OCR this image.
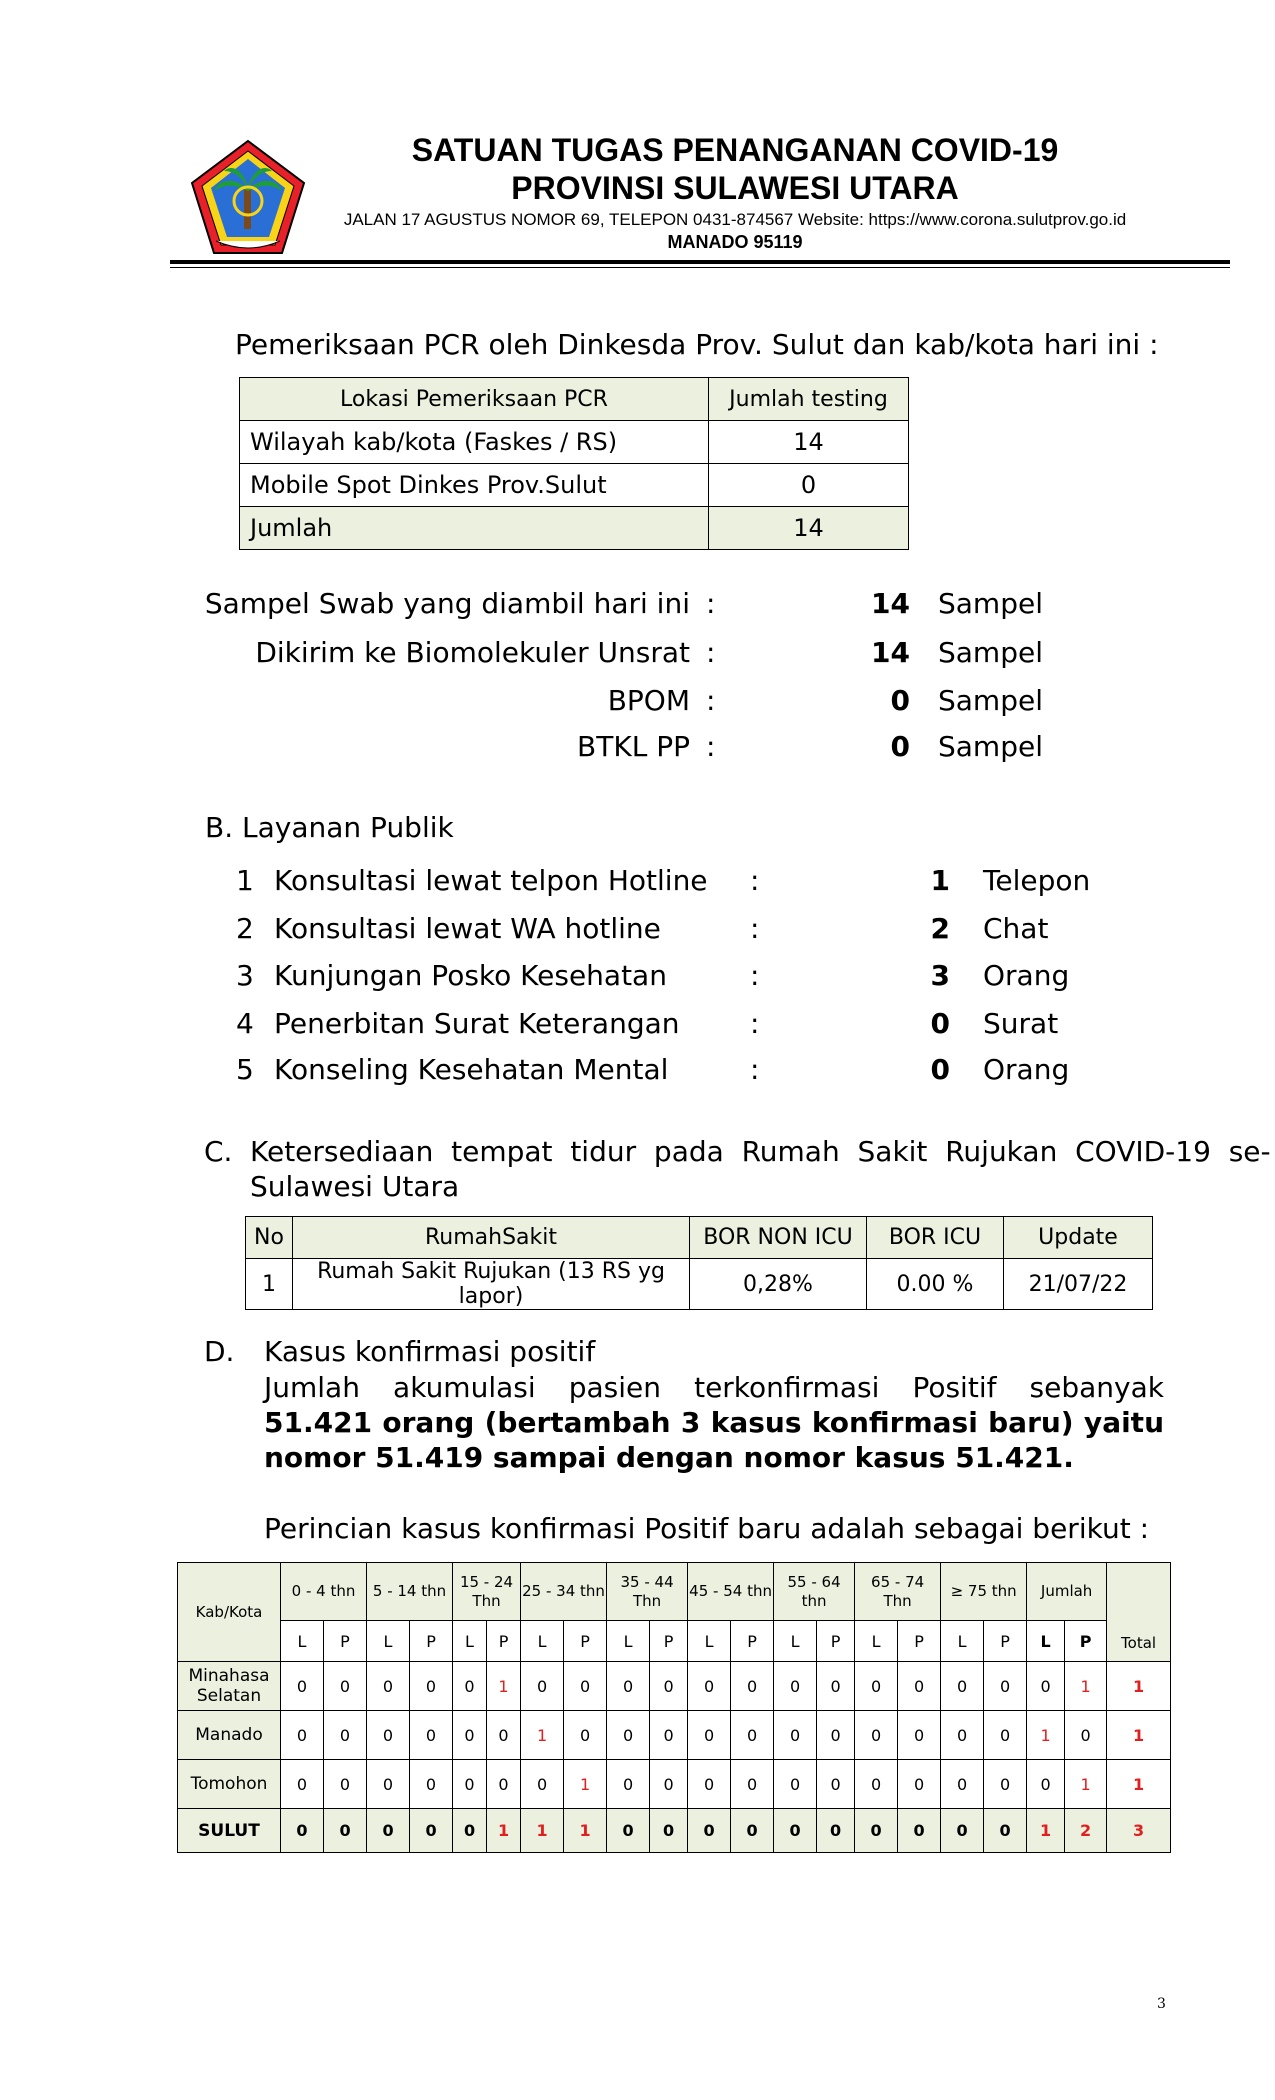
SATUAN TUGAS PENANGANAN COVID-19
PROVINSI SULAWESI UTARA
JALAN 17 AGUSTUS NOMOR 69, TELEPON 0431-874567 Website: https://www.corona.sulutprov.go.id
MANADO 95119
Pemeriksaan PCR oleh Dinkesda Prov. Sulut dan kab/kota hari ini :
Lokasi Pemeriksaan PCR	Jumlah testing
Wilayah kab/kota (Faskes / RS)	14
Mobile Spot Dinkes Prov.Sulut	0
Jumlah	14
Sampel Swab yang diambil hari ini :	14 Sampel
Dikirim ke Biomolekuler Unsrat :	14 Sampel
BPOM :	0 Sampel
BTKL PP :	0 Sampel
B. Layanan Publik
1 Konsultasi lewat telpon Hotline :	1 Telepon
2 Konsultasi lewat WA hotline	:	2 Chat
3 Kunjungan Posko Kesehatan	:	3 Orang
4 Penerbitan Surat Keterangan	:	0 Surat
5 Konseling Kesehatan Mental	:	0 Orang
C. Ketersediaan  tempat  tidur  pada  Rumah  Sakit  Rujukan  COVID-19  se-
Sulawesi Utara
No	RumahSakit	BOR NON ICU	BOR ICU	Update
1	Rumah Sakit Rujukan (13 RS yg lapor)	0,28%	0.00 %	21/07/22
D. Kasus konfirmasi positif
Jumlah  akumulasi  pasien  terkonfirmasi  Positif  sebanyak 51.421 orang (bertambah 3 kasus konfirmasi baru) yaitu nomor 51.419 sampai dengan nomor kasus 51.421.
Perincian kasus konfirmasi Positif baru adalah sebagai berikut :
Kab/Kota	0 - 4 thn		5 - 14 thn		15 - 24 Thn		25 - 34 thn		35 - 44 Thn		45 - 54 thn		55 - 64 thn		65 - 74 Thn		≥ 75 thn		Jumlah		Total
	L	P	L	P	L	P	L	P	L	P	L	P	L	P	L	P	L	P	L	P	
Minahasa Selatan	0	0	0	0	0	1	0	0	0	0	0	0	0	0	0	0	0	0	0	1	1
Manado	0	0	0	0	0	0	1	0	0	0	0	0	0	0	0	0	0	0	1	0	1
Tomohon	0	0	0	0	0	0	0	1	0	0	0	0	0	0	0	0	0	0	0	1	1
SULUT	0	0	0	0	0	1	1	1	0	0	0	0	0	0	0	0	0	0	1	2	3
3
